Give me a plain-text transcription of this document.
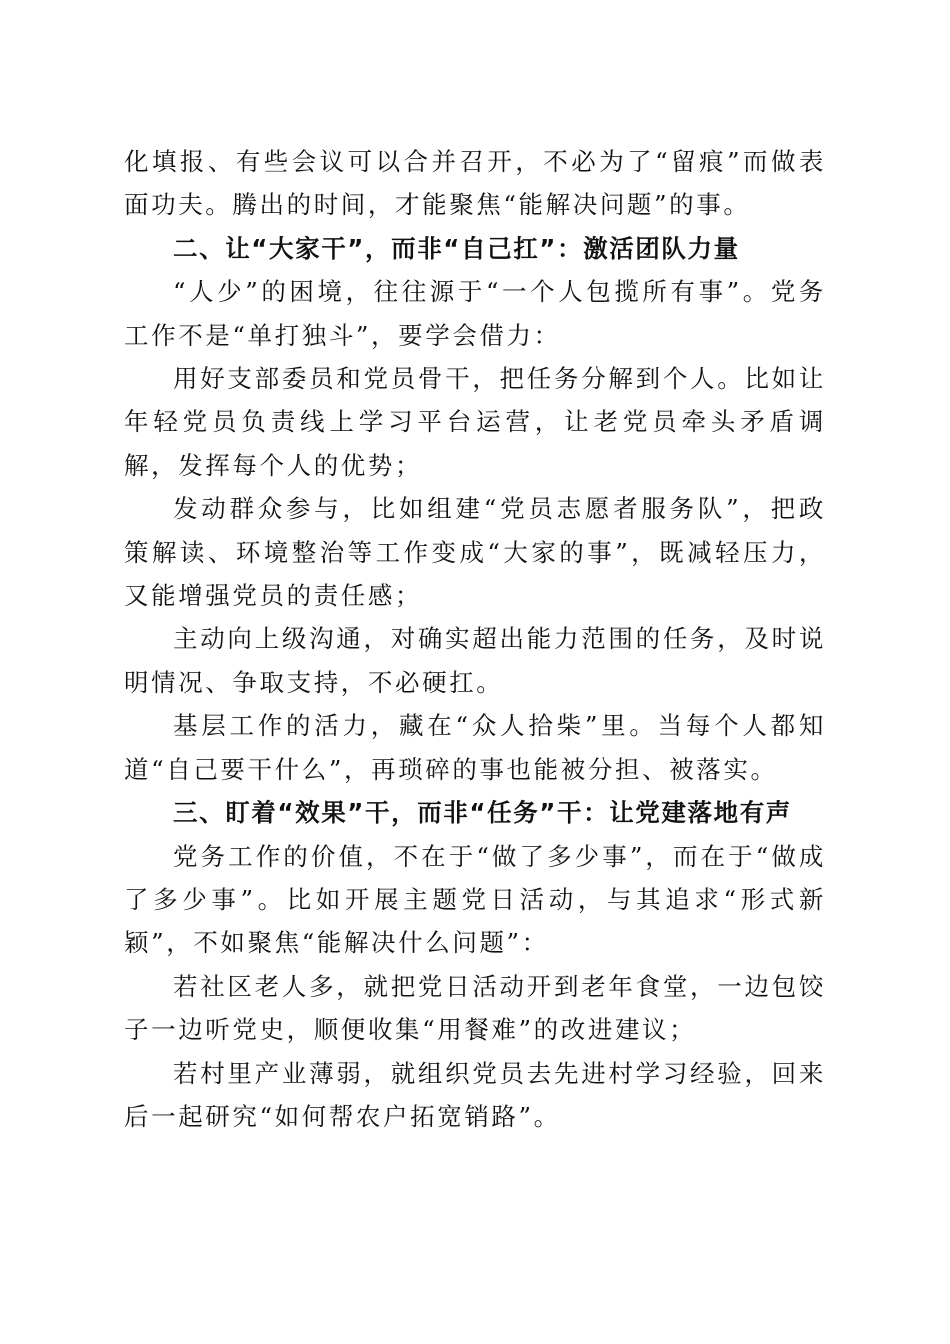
化填报、有些会议可以合并召开，不必为了“留痕”而做表面功夫。腾出的时间，才能聚焦“能解决问题”的事。

二、让“大家干”，而非“自己扛”：激活团队力量

“人少”的困境，往往源于“一个人包揽所有事”。党务工作不是“单打独斗”，要学会借力：

用好支部委员和党员骨干，把任务分解到个人。比如让年轻党员负责线上学习平台运营，让老党员牵头矛盾调解，发挥每个人的优势；

发动群众参与，比如组建“党员志愿者服务队”，把政策解读、环境整治等工作变成“大家的事”，既减轻压力，又能增强党员的责任感；

主动向上级沟通，对确实超出能力范围的任务，及时说明情况、争取支持，不必硬扛。

基层工作的活力，藏在“众人拾柴”里。当每个人都知道“自己要干什么”，再琐碎的事也能被分担、被落实。

三、盯着“效果”干，而非“任务”干：让党建落地有声

党务工作的价值，不在于“做了多少事”，而在于“做成了多少事”。比如开展主题党日活动，与其追求“形式新颖”，不如聚焦“能解决什么问题”：

若社区老人多，就把党日活动开到老年食堂，一边包饺子一边听党史，顺便收集“用餐难”的改进建议；

若村里产业薄弱，就组织党员去先进村学习经验，回来后一起研究“如何帮农户拓宽销路”。
